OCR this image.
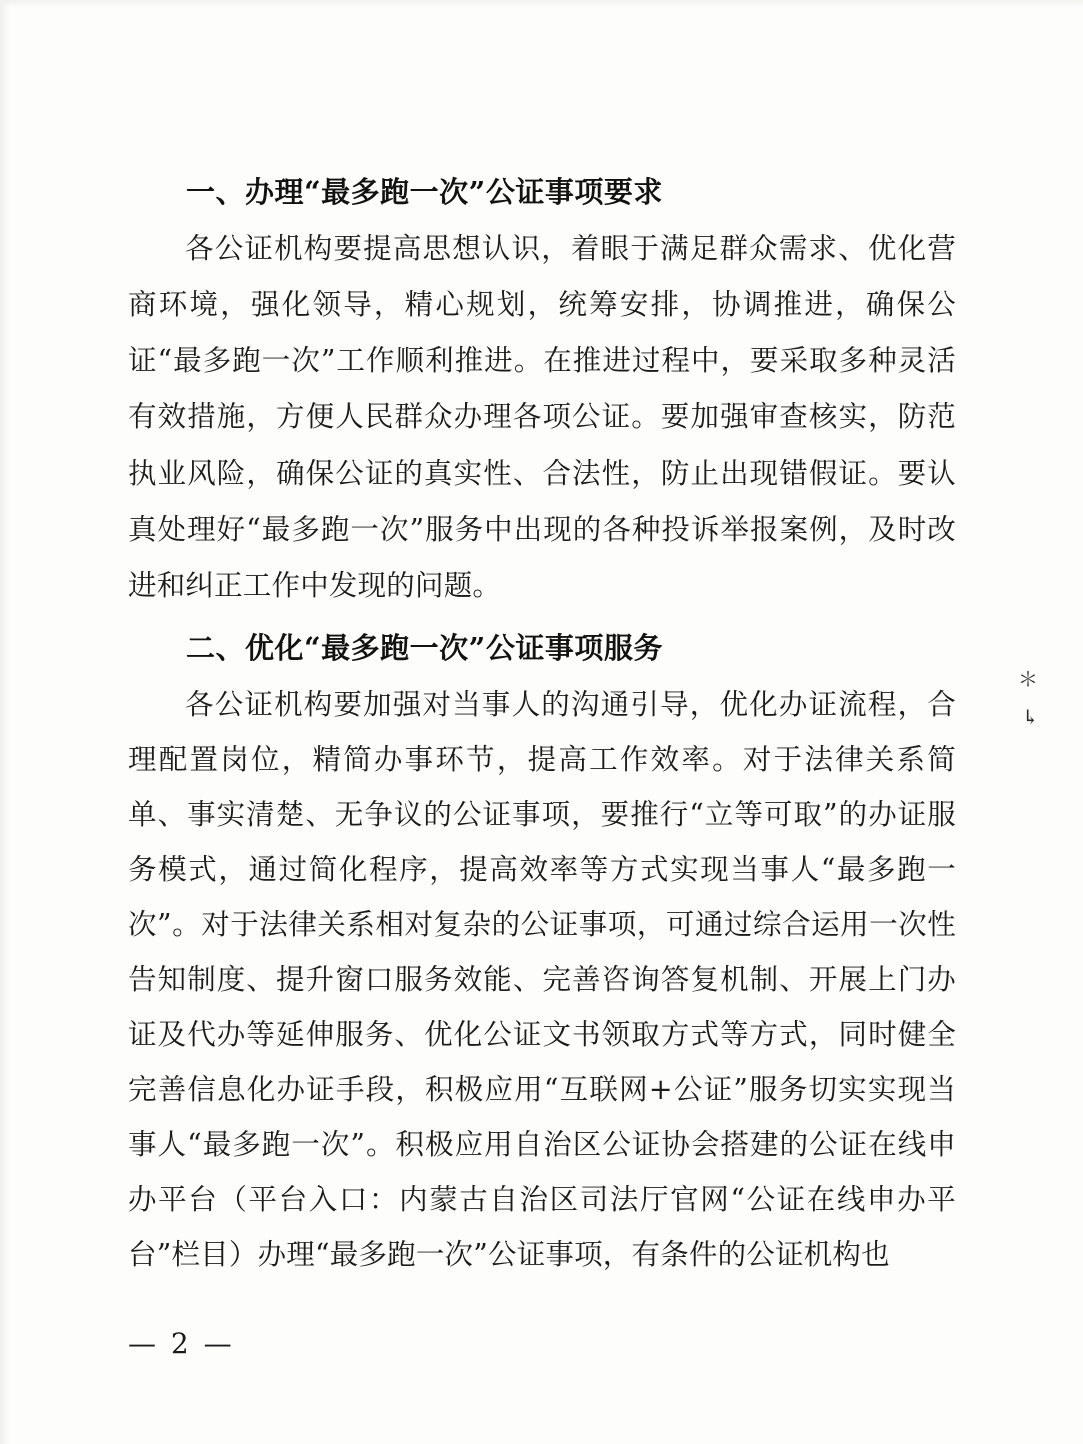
一、办理“最多跑一次”公证事项要求

各公证机构要提高思想认识，着眼于满足群众需求、优化营商环境，强化领导，精心规划，统筹安排，协调推进，确保公证“最多跑一次”工作顺利推进。在推进过程中，要采取多种灵活有效措施，方便人民群众办理各项公证。要加强审查核实，防范执业风险，确保公证的真实性、合法性，防止出现错假证。要认真处理好“最多跑一次”服务中出现的各种投诉举报案例，及时改进和纠正工作中发现的问题。

二、优化“最多跑一次”公证事项服务

各公证机构要加强对当事人的沟通引导，优化办证流程，合理配置岗位，精简办事环节，提高工作效率。对于法律关系简单、事实清楚、无争议的公证事项，要推行“立等可取”的办证服务模式，通过简化程序，提高效率等方式实现当事人“最多跑一次”。对于法律关系相对复杂的公证事项，可通过综合运用一次性告知制度、提升窗口服务效能、完善咨询答复机制、开展上门办证及代办等延伸服务、优化公证文书领取方式等方式，同时健全完善信息化办证手段，积极应用“互联网+公证”服务切实实现当事人“最多跑一次”。积极应用自治区公证协会搭建的公证在线申办平台（平台入口：内蒙古自治区司法厅官网“公证在线申办平台”栏目）办理“最多跑一次”公证事项，有条件的公证机构也

＊
↳
— 2 —
